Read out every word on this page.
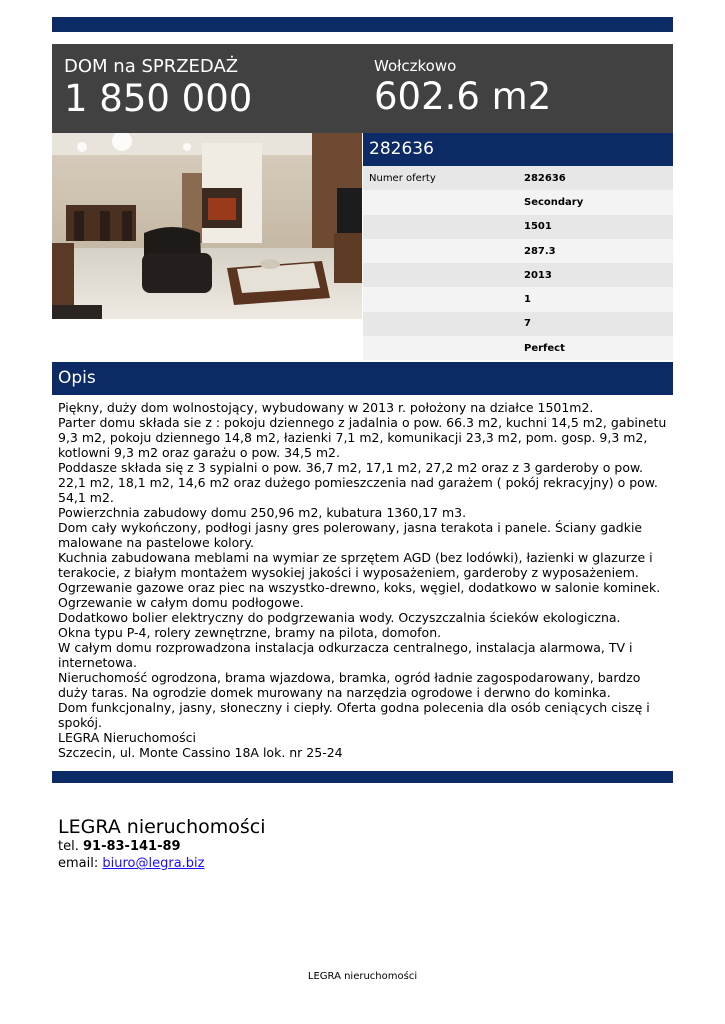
DOM na SPRZEDAŻ
1 850 000
Wołczkowo
602.6 m2
282636
Numer oferty	282636
Secondary
1501
287.3
2013
1
7
Perfect
Opis

Piękny, duży dom wolnostojący, wybudowany w 2013 r. położony na działce 1501m2.

Parter domu składa sie z : pokoju dziennego z jadalnia o pow. 66.3 m2, kuchni 14,5 m2, gabinetu 9,3 m2, pokoju dziennego 14,8 m2, łazienki 7,1 m2, komunikacji 23,3 m2, pom. gosp. 9,3 m2, kotlowni 9,3 m2 oraz garażu o pow. 34,5 m2.

Poddasze składa się z 3 sypialni o pow. 36,7 m2, 17,1 m2, 27,2 m2 oraz z 3 garderoby o pow. 22,1 m2, 18,1 m2, 14,6 m2 oraz dużego pomieszczenia nad garażem ( pokój rekracyjny) o pow. 54,1 m2.

Powierzchnia zabudowy domu 250,96 m2, kubatura 1360,17 m3.

Dom cały wykończony, podłogi jasny gres polerowany, jasna terakota i panele. Ściany gadkie malowane na pastelowe kolory.

Kuchnia zabudowana meblami na wymiar ze sprzętem AGD (bez lodówki), łazienki w glazurze i terakocie, z białym montażem wysokiej jakości i wyposażeniem, garderoby z wyposażeniem.

Ogrzewanie gazowe oraz piec na wszystko-drewno, koks, węgiel, dodatkowo w salonie kominek.

Ogrzewanie w całym domu podłogowe.

Dodatkowo bolier elektryczny do podgrzewania wody. Oczyszczalnia ścieków ekologiczna.

Okna typu P-4, rolery zewnętrzne, bramy na pilota, domofon.

W całym domu rozprowadzona instalacja odkurzacza centralnego, instalacja alarmowa, TV i internetowa.

Nieruchomość ogrodzona, brama wjazdowa, bramka, ogród ładnie zagospodarowany, bardzo duży taras. Na ogrodzie domek murowany na narzędzia ogrodowe i derwno do kominka.

Dom funkcjonalny, jasny, słoneczny i ciepły. Oferta godna polecenia dla osób ceniących ciszę i spokój.

LEGRA Nieruchomości

Szczecin, ul. Monte Cassino 18A lok. nr 25-24

LEGRA nieruchomości
tel. 91-83-141-89
email: biuro@legra.biz
LEGRA nieruchomości
